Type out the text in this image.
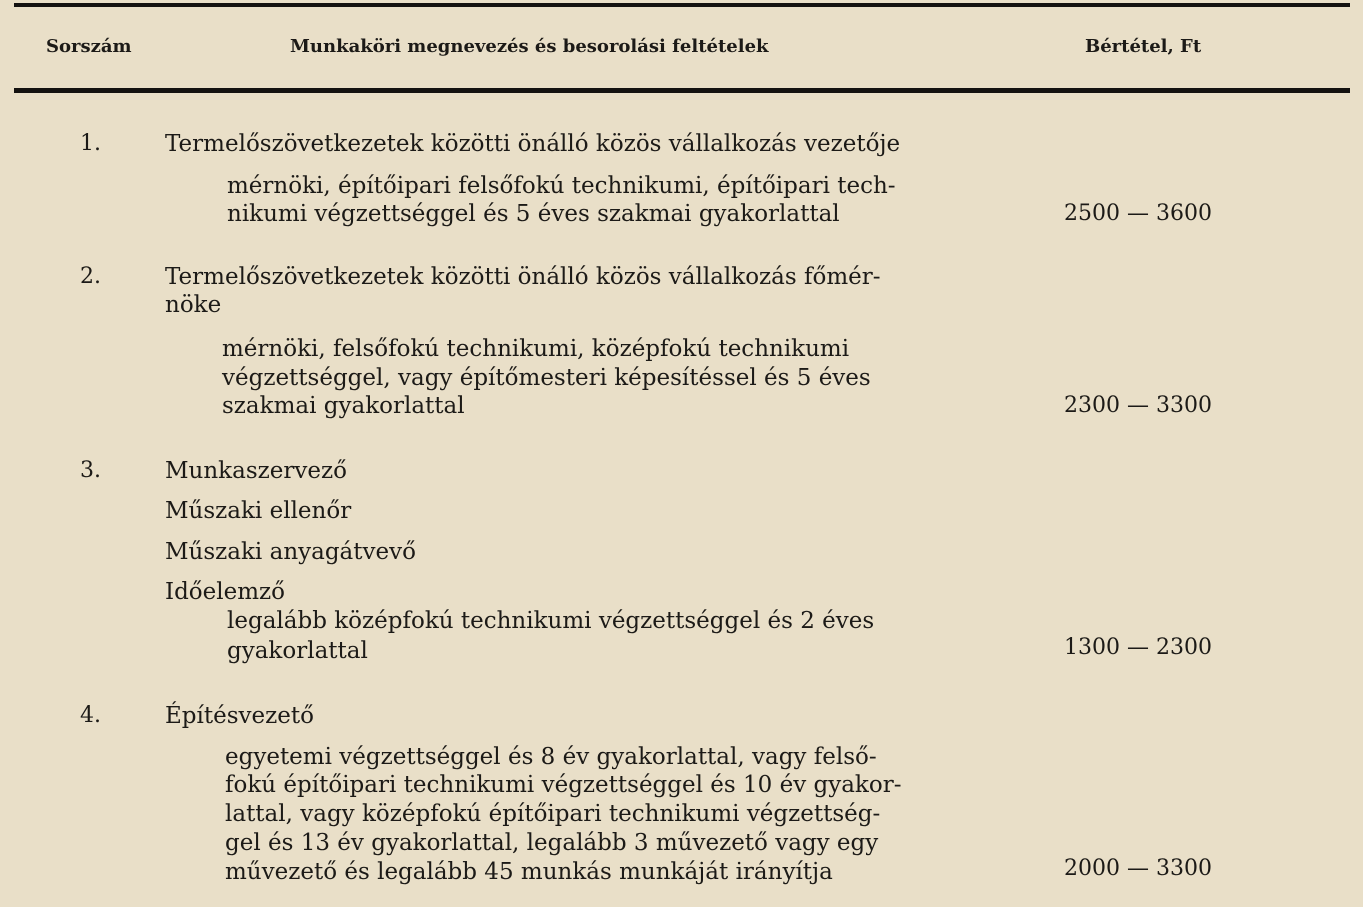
Sorszám	Munkaköri megnevezés és besorolási feltételek	Bértétel, Ft
1.	Termelőszövetkezetek közötti önálló közös vállalkozás vezetője
mérnöki, építőipari felsőfokú technikumi, építőipari tech-
nikumi végzettséggel és 5 éves szakmai gyakorlattal	2500 — 3600
2.	Termelőszövetkezetek közötti önálló közös vállalkozás főmér-
nöke
mérnöki, felsőfokú technikumi, középfokú technikumi
végzettséggel, vagy építőmesteri képesítéssel és 5 éves
szakmai gyakorlattal	2300 — 3300
3.	Munkaszervező
Műszaki ellenőr
Műszaki anyagátvevő
Időelemző
legalább középfokú technikumi végzettséggel és 2 éves
gyakorlattal	1300 — 2300
4.	Építésvezető
egyetemi végzettséggel és 8 év gyakorlattal, vagy felső-
fokú építőipari technikumi végzettséggel és 10 év gyakor-
lattal, vagy középfokú építőipari technikumi végzettség-
gel és 13 év gyakorlattal, legalább 3 művezető vagy egy
művezető és legalább 45 munkás munkáját irányítja	2000 — 3300
